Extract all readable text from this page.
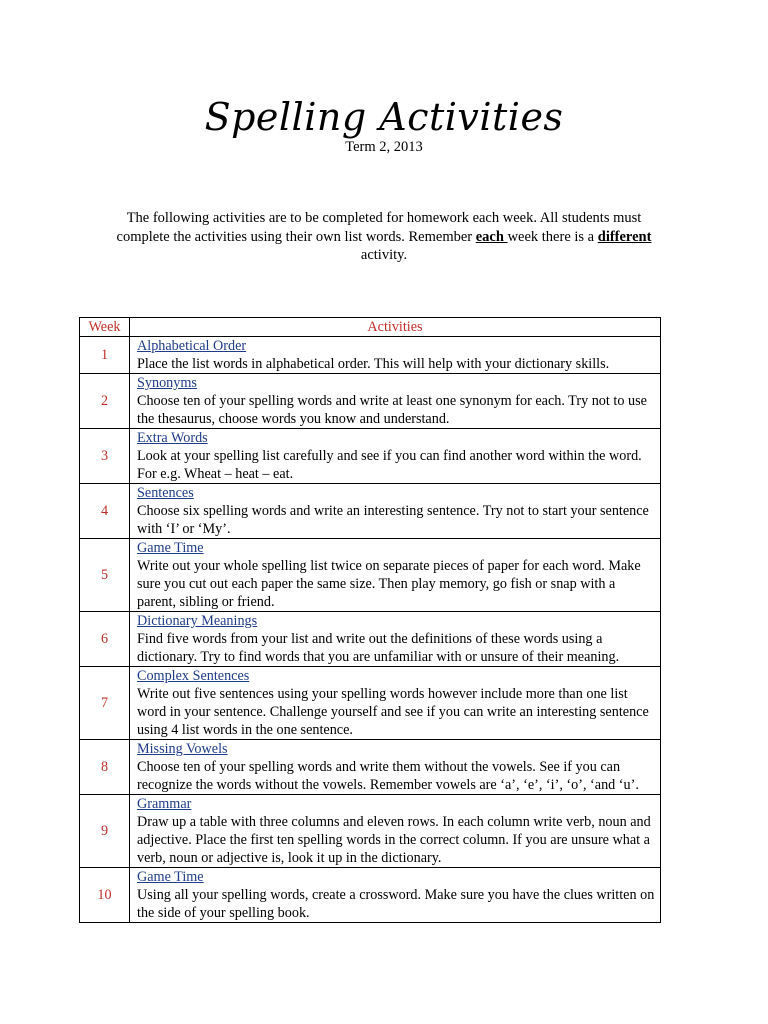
Spelling Activities
Term 2, 2013
The following activities are to be completed for homework each week. All students must complete the activities using their own list words. Remember each week there is a different activity.
Week	Activities
1	Alphabetical Order
Place the list words in alphabetical order. This will help with your dictionary skills.

2	Synonyms
Choose ten of your spelling words and write at least one synonym for each. Try not to use the thesaurus, choose words you know and understand.

3	Extra Words
Look at your spelling list carefully and see if you can find another word within the word. For e.g. Wheat – heat – eat.

4	Sentences
Choose six spelling words and write an interesting sentence. Try not to start your sentence with ‘I’ or ‘My’.

5	Game Time
Write out your whole spelling list twice on separate pieces of paper for each word. Make sure you cut out each paper the same size. Then play memory, go fish or snap with a parent, sibling or friend.

6	Dictionary Meanings
Find five words from your list and write out the definitions of these words using a dictionary. Try to find words that you are unfamiliar with or unsure of their meaning.

7	Complex Sentences
Write out five sentences using your spelling words however include more than one list word in your sentence. Challenge yourself and see if you can write an interesting sentence using 4 list words in the one sentence.

8	Missing Vowels
Choose ten of your spelling words and write them without the vowels. See if you can recognize the words without the vowels. Remember vowels are ‘a’, ‘e’, ‘i’, ‘o’, ‘and ‘u’.

9	Grammar
Draw up a table with three columns and eleven rows. In each column write verb, noun and adjective. Place the first ten spelling words in the correct column. If you are unsure what a verb, noun or adjective is, look it up in the dictionary.

10	Game Time
Using all your spelling words, create a crossword. Make sure you have the clues written on the side of your spelling book.
